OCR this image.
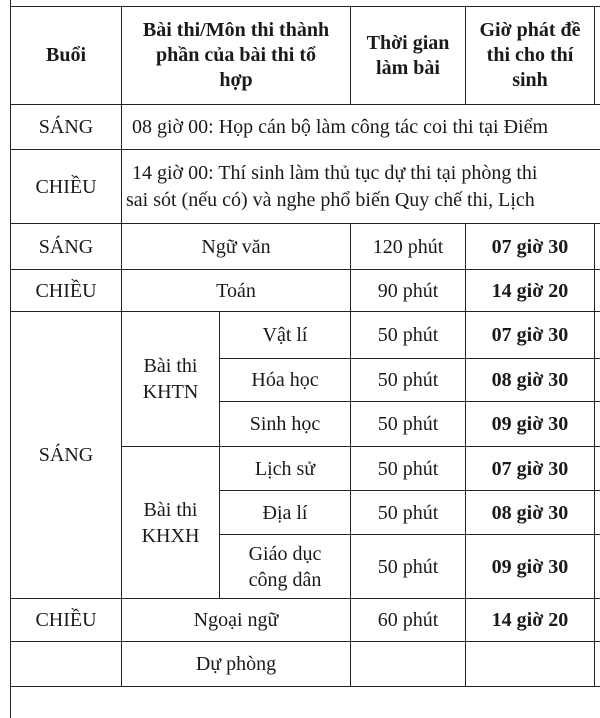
Buổi	Bài thi/Môn thi thành phần của bài thi tổ hợp		Thời gian làm bài	Giờ phát đề thi cho thí sinh	
SÁNG	08 giờ 00: Họp cán bộ làm công tác coi thi tại Điểm				
CHIỀU	14 giờ 00: Thí sinh làm thủ tục dự thi tại phòng thi
sai sót (nếu có) và nghe phổ biến Quy chế thi, Lịch				

SÁNG	Ngữ văn		120 phút	07 giờ 30	
CHIỀU	Toán		90 phút	14 giờ 20	
SÁNG	Bài thi KHTN	Vật lí	50 phút	07 giờ 30	
		Hóa học	50 phút	08 giờ 30	
		Sinh học	50 phút	09 giờ 30	
	Bài thi KHXH	Lịch sử	50 phút	07 giờ 30	
		Địa lí	50 phút	08 giờ 30	
		Giáo dục công dân	50 phút	09 giờ 30	
CHIỀU	Ngoại ngữ		60 phút	14 giờ 20	
	Dự phòng				
